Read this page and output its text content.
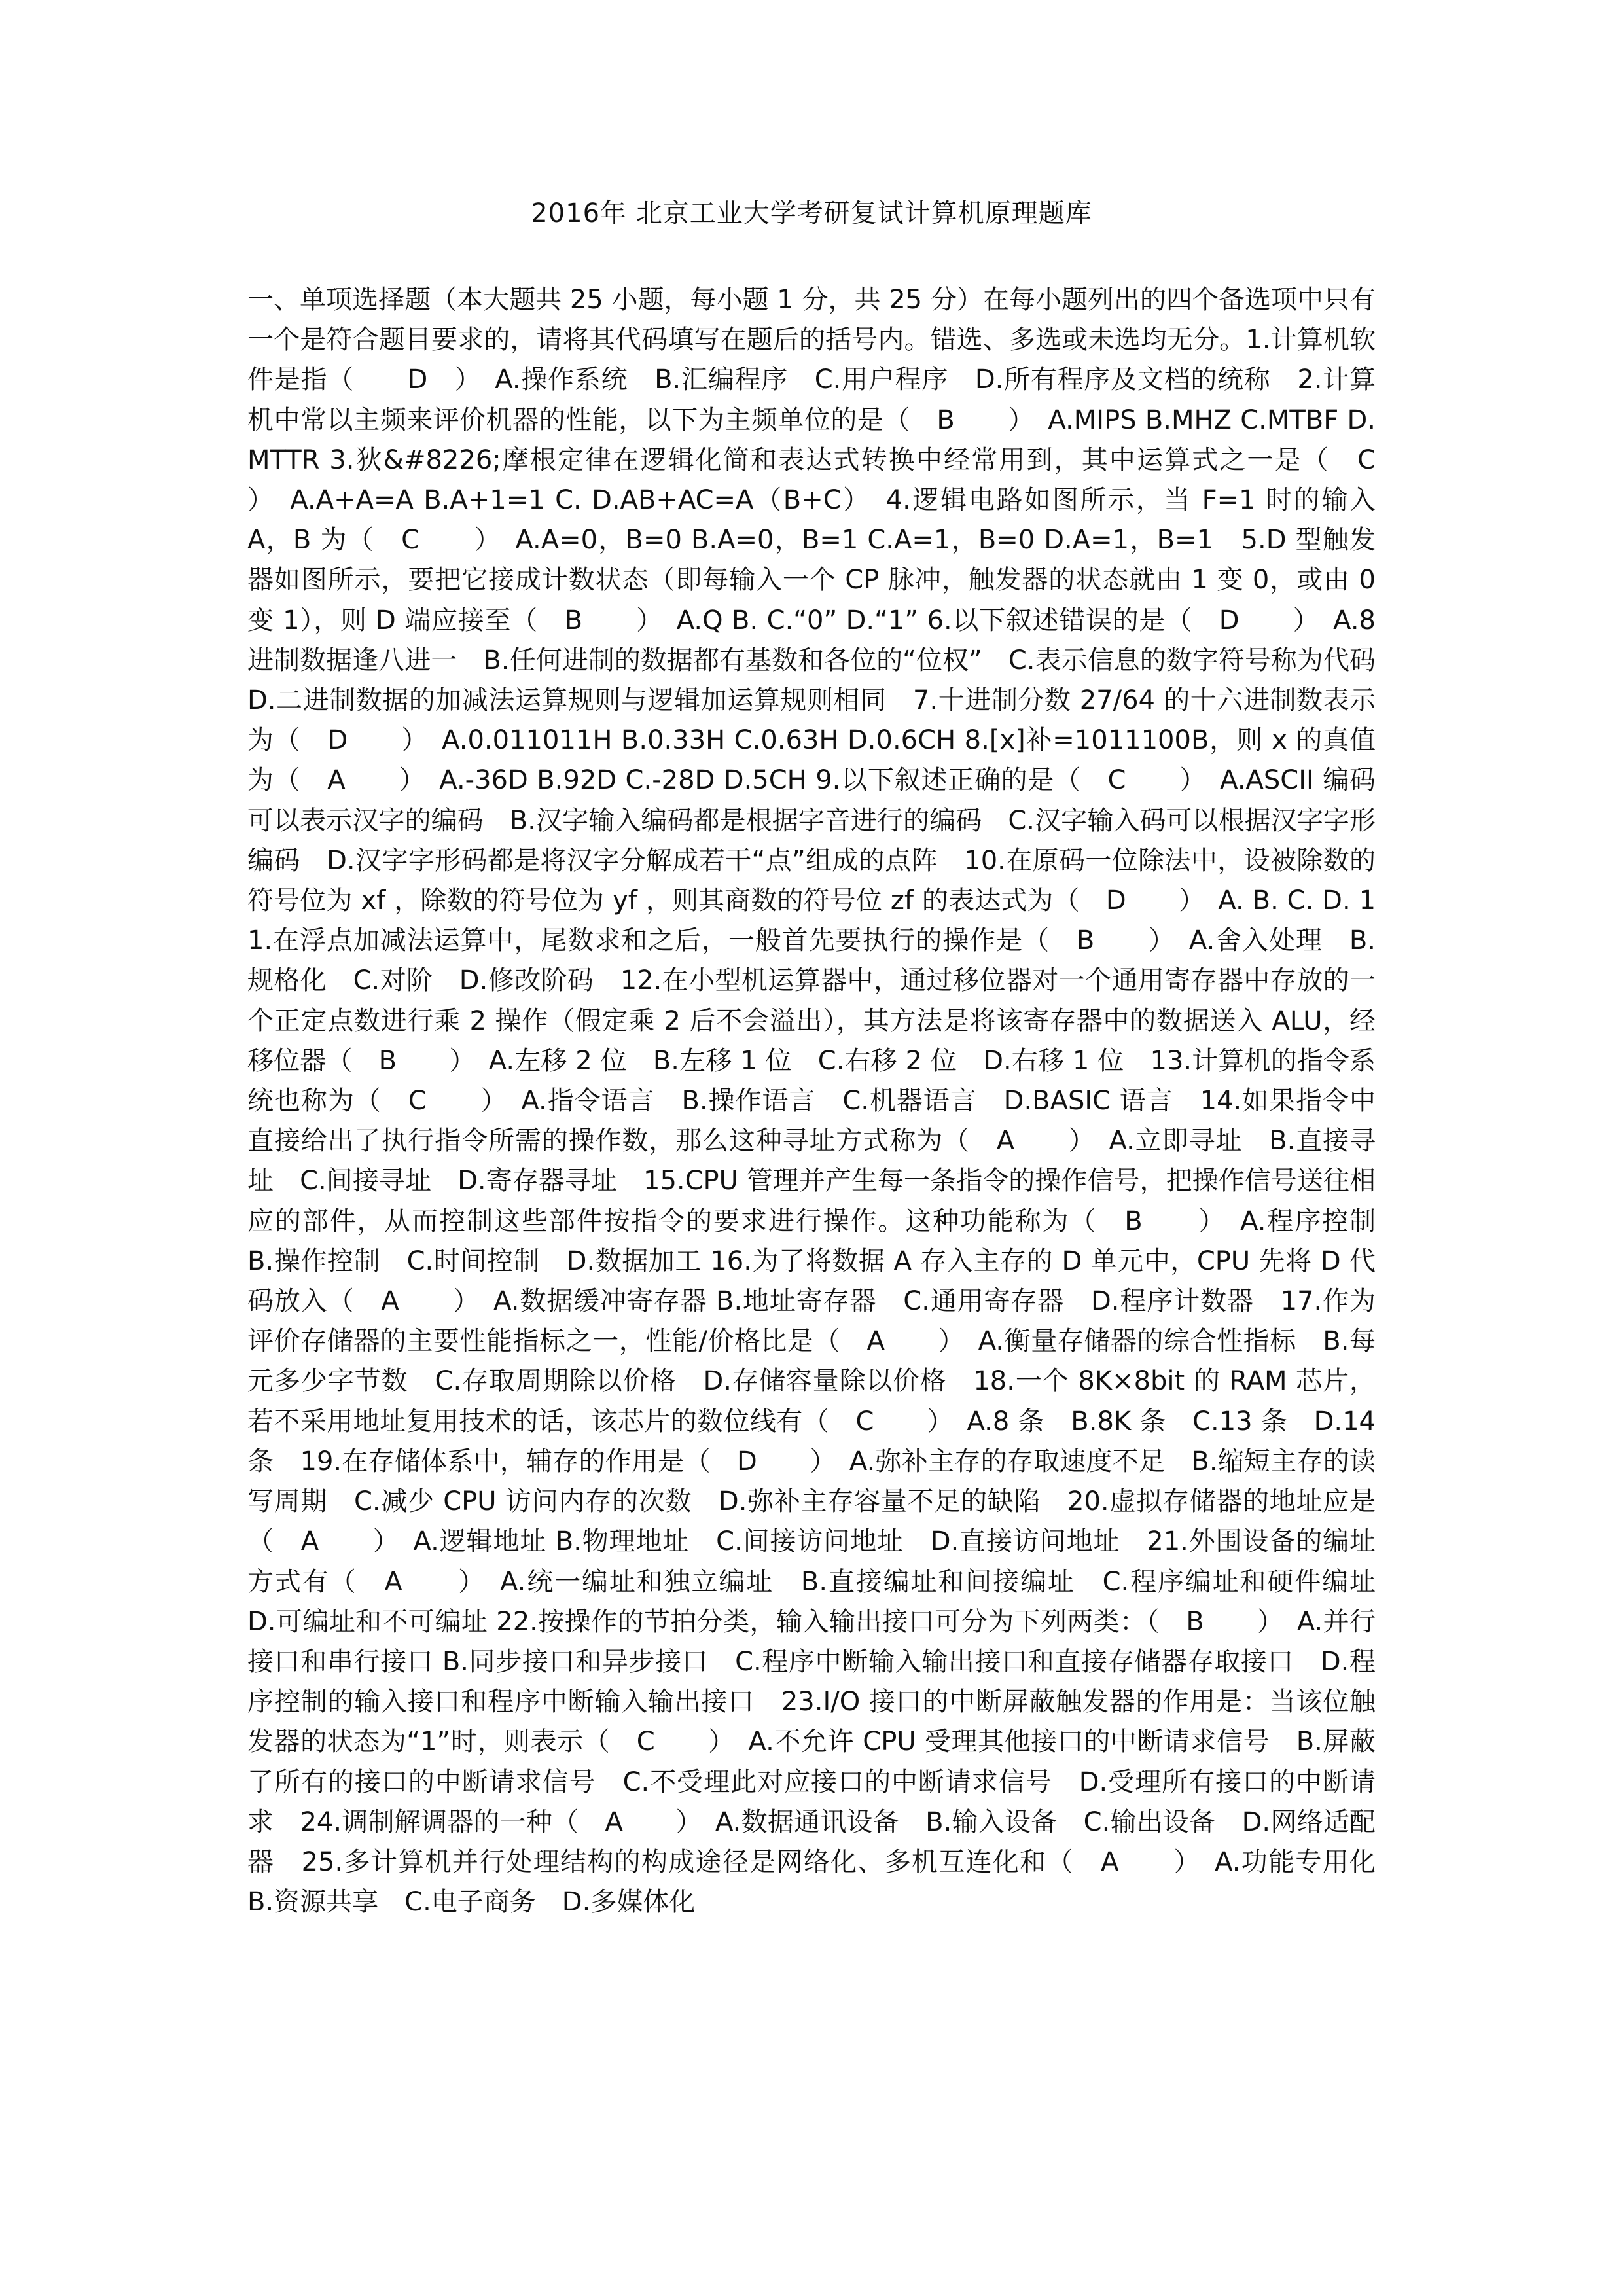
2016年 北京工业大学考研复试计算机原理题库

一、单项选择题（本大题共 25 小题，每小题 1 分，共 25 分）在每小题列出的四个备选项中只有一个是符合题目要求的，请将其代码填写在题后的括号内。错选、多选或未选均无分。1.计算机软件是指（　　D　）　A.操作系统　B.汇编程序　C.用户程序　D.所有程序及文档的统称　 2.计算机中常以主频来评价机器的性能，以下为主频单位的是（　B　　）　A.MIPS B.MHZ C.MTBF D.MTTR 3.狄&#8226;摩根定律在逻辑化简和表达式转换中经常用到，其中运算式之一是（　C　　）　A.A+A=A B.A+1=1 C. D.AB+AC=A（B+C）　 4.逻辑电路如图所示，当 F=1 时的输入 A，B 为（　C　　）　A.A=0，B=0 B.A=0，B=1 C.A=1，B=0 D.A=1，B=1　 5.D 型触发器如图所示，要把它接成计数状态（即每输入一个 CP 脉冲，触发器的状态就由 1 变 0，或由 0 变 1），则 D 端应接至（　B　　）　A.Q B. C.“0” D.“1” 6.以下叙述错误的是（　D　　）　A.8 进制数据逢八进一　B.任何进制的数据都有基数和各位的“位权”　C.表示信息的数字符号称为代码　D.二进制数据的加减法运算规则与逻辑加运算规则相同　 7.十进制分数 27/64 的十六进制数表示为（　D　　）　A.0.011011H B.0.33H C.0.63H D.0.6CH 8.[x]补=1011100B，则 x 的真值为（　A　　）　A.-36D B.92D C.-28D D.5CH 9.以下叙述正确的是（　C　　）　A.ASCII 编码可以表示汉字的编码　B.汉字输入编码都是根据字音进行的编码　C.汉字输入码可以根据汉字字形编码　D.汉字字形码都是将汉字分解成若干“点”组成的点阵　 10.在原码一位除法中，设被除数的符号位为 xf ，除数的符号位为 yf ，则其商数的符号位 zf 的表达式为（　D　　）　A. B. C. D. 11.在浮点加减法运算中，尾数求和之后，一般首先要执行的操作是（　B　　）　A.舍入处理　B.规格化　C.对阶　D.修改阶码　 12.在小型机运算器中，通过移位器对一个通用寄存器中存放的一个正定点数进行乘 2 操作（假定乘 2 后不会溢出），其方法是将该寄存器中的数据送入 ALU，经移位器（　B　　）　A.左移 2 位　B.左移 1 位　C.右移 2 位　D.右移 1 位　 13.计算机的指令系统也称为（　C　　）　A.指令语言　B.操作语言　C.机器语言　D.BASIC 语言　 14.如果指令中直接给出了执行指令所需的操作数，那么这种寻址方式称为（　A　　）　A.立即寻址　B.直接寻址　C.间接寻址　D.寄存器寻址　 15.CPU 管理并产生每一条指令的操作信号，把操作信号送往相应的部件，从而控制这些部件按指令的要求进行操作。这种功能称为（　B　　）　A.程序控制　B.操作控制　C.时间控制　D.数据加工 16.为了将数据 A 存入主存的 D 单元中，CPU 先将 D 代码放入（　A　　）　A.数据缓冲寄存器 B.地址寄存器　C.通用寄存器　D.程序计数器　 17.作为评价存储器的主要性能指标之一，性能/价格比是（　A　　）　A.衡量存储器的综合性指标　B.每元多少字节数　C.存取周期除以价格　D.存储容量除以价格　 18.一个 8K×8bit 的 RAM 芯片，若不采用地址复用技术的话，该芯片的数位线有（　C　　）　A.8 条　B.8K 条　C.13 条　D.14 条　 19.在存储体系中，辅存的作用是（　D　　）　A.弥补主存的存取速度不足　B.缩短主存的读写周期　C.减少 CPU 访问内存的次数　D.弥补主存容量不足的缺陷　 20.虚拟存储器的地址应是（　A　　）　A.逻辑地址 B.物理地址　C.间接访问地址　D.直接访问地址　 21.外围设备的编址方式有（　A　　）　A.统一编址和独立编址　B.直接编址和间接编址　C.程序编址和硬件编址　D.可编址和不可编址 22.按操作的节拍分类，输入输出接口可分为下列两类：（　B　　）　A.并行接口和串行接口 B.同步接口和异步接口　C.程序中断输入输出接口和直接存储器存取接口　D.程序控制的输入接口和程序中断输入输出接口　 23.I/O 接口的中断屏蔽触发器的作用是：当该位触发器的状态为“1”时，则表示（　C　　）　A.不允许 CPU 受理其他接口的中断请求信号　B.屏蔽了所有的接口的中断请求信号　C.不受理此对应接口的中断请求信号　D.受理所有接口的中断请求　 24.调制解调器的一种（　A　　）　A.数据通讯设备　B.输入设备　C.输出设备　D.网络适配器　 25.多计算机并行处理结构的构成途径是网络化、多机互连化和（　A　　）　A.功能专用化　B.资源共享　C.电子商务　D.多媒体化
